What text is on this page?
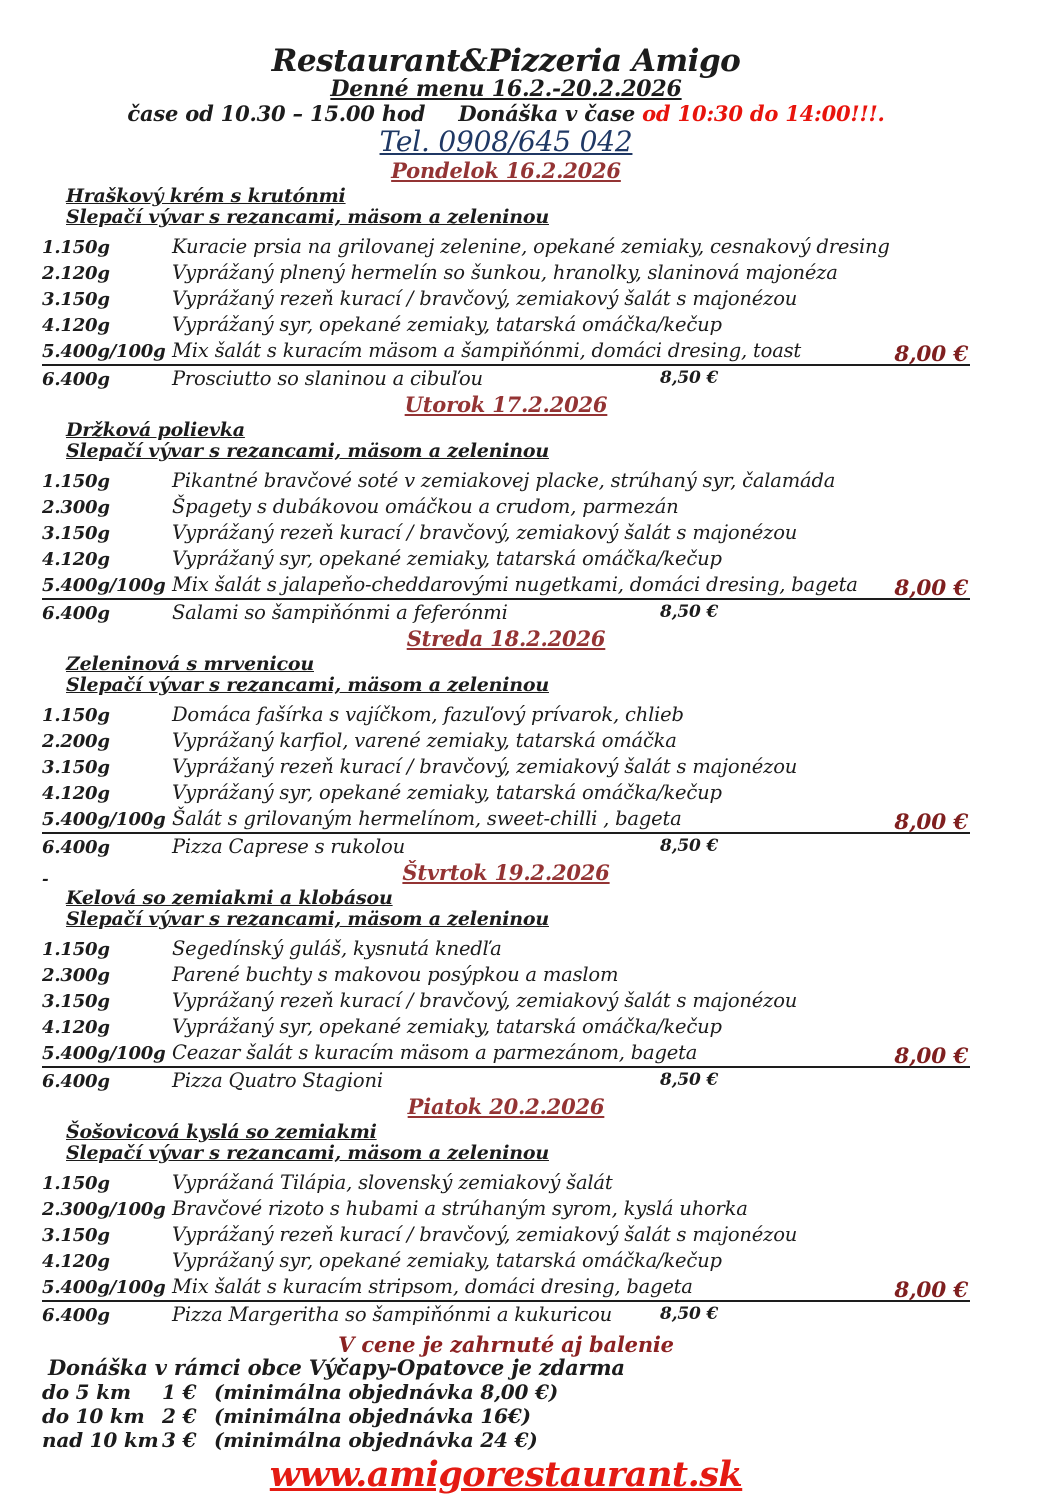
Restaurant&Pizzeria Amigo
Denné menu 16.2.-20.2.2026
čase od 10.30 – 15.00 hod Donáška v čase od 10:30 do 14:00!!!.
Tel. 0908/645 042
Pondelok 16.2.2026
Hraškový krém s krutónmi
Slepačí vývar s rezancami, mäsom a zeleninou
1.150g	Kuracie prsia na grilovanej zelenine, opekané zemiaky, cesnakový dresing
2.120g	Vyprážaný plnený hermelín so šunkou, hranolky, slaninová majonéza
3.150g	Vyprážaný rezeň kurací / bravčový, zemiakový šalát s majonézou
4.120g	Vyprážaný syr, opekané zemiaky, tatarská omáčka/kečup
5.400g/100g Mix šalát s kuracím mäsom a šampiňónmi, domáci dresing, toast	8,00 €
6.400g	Prosciutto so slaninou a cibuľou	8,50 €
Utorok 17.2.2026
Držková polievka
Slepačí vývar s rezancami, mäsom a zeleninou
1.150g	Pikantné bravčové soté v zemiakovej placke, strúhaný syr, čalamáda
2.300g	Špagety s dubákovou omáčkou a crudom, parmezán
3.150g	Vyprážaný rezeň kurací / bravčový, zemiakový šalát s majonézou
4.120g	Vyprážaný syr, opekané zemiaky, tatarská omáčka/kečup
5.400g/100g Mix šalát s jalapeňo-cheddarovými nugetkami, domáci dresing, bageta 8,00 €
6.400g	Salami so šampiňónmi a feferónmi	8,50 €
Streda 18.2.2026
Zeleninová s mrvenicou
Slepačí vývar s rezancami, mäsom a zeleninou
1.150g	Domáca fašírka s vajíčkom, fazuľový prívarok, chlieb
2.200g	Vyprážaný karfiol, varené zemiaky, tatarská omáčka
3.150g	Vyprážaný rezeň kurací / bravčový, zemiakový šalát s majonézou
4.120g	Vyprážaný syr, opekané zemiaky, tatarská omáčka/kečup
5.400g/100g Šalát s grilovaným hermelínom, sweet-chilli , bageta	8,00 €
6.400g	Pizza Caprese s rukolou	8,50 €
-	Štvrtok 19.2.2026
Kelová so zemiakmi a klobásou
Slepačí vývar s rezancami, mäsom a zeleninou
1.150g	Segedínský guláš, kysnutá knedľa
2.300g	Parené buchty s makovou posýpkou a maslom
3.150g	Vyprážaný rezeň kurací / bravčový, zemiakový šalát s majonézou
4.120g	Vyprážaný syr, opekané zemiaky, tatarská omáčka/kečup
5.400g/100g Ceazar šalát s kuracím mäsom a parmezánom, bageta	8,00 €
6.400g	Pizza Quatro Stagioni	8,50 €
Piatok 20.2.2026
Šošovicová kyslá so zemiakmi
Slepačí vývar s rezancami, mäsom a zeleninou
1.150g	Vyprážaná Tilápia, slovenský zemiakový šalát
2.300g/100g Bravčové rizoto s hubami a strúhaným syrom, kyslá uhorka
3.150g	Vyprážaný rezeň kurací / bravčový, zemiakový šalát s majonézou
4.120g	Vyprážaný syr, opekané zemiaky, tatarská omáčka/kečup
5.400g/100g Mix šalát s kuracím stripsom, domáci dresing, bageta	8,00 €
6.400g	Pizza Margeritha so šampiňónmi a kukuricou	8,50 €
V cene je zahrnuté aj balenie
Donáška v rámci obce Výčapy-Opatovce je zdarma
do 5 km	1 € (minimálna objednávka 8,00 €)
do 10 km 2 € (minimálna objednávka 16€)
nad 10 km 3 € (minimálna objednávka 24 €)
www.amigorestaurant.sk
